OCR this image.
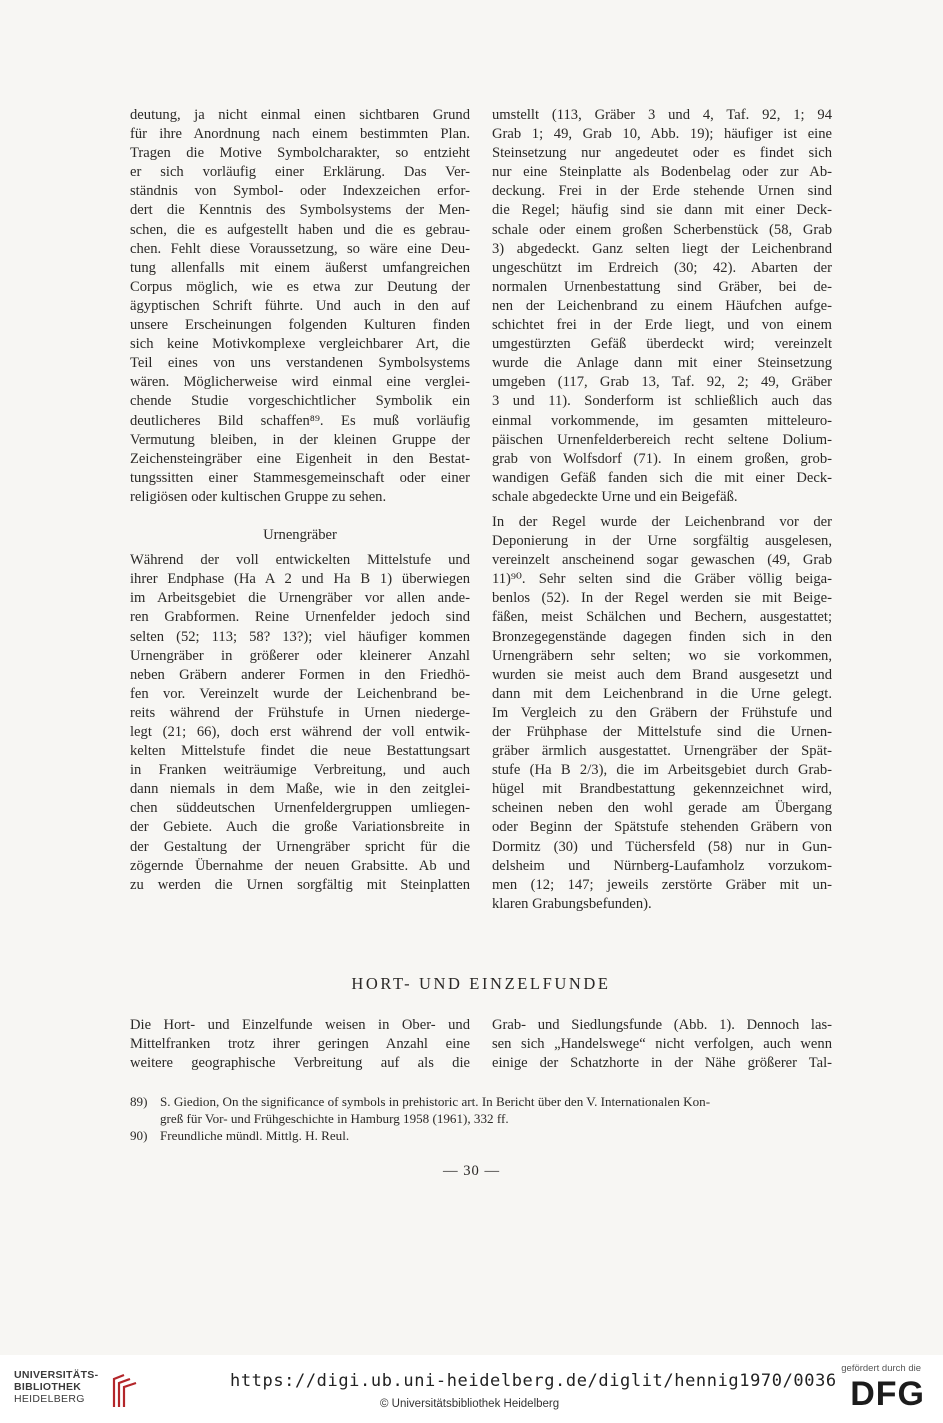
deutung, ja nicht einmal einen sichtbaren Grund
für ihre Anordnung nach einem bestimmten Plan.
Tragen die Motive Symbolcharakter, so entzieht
er sich vorläufig einer Erklärung. Das Ver-
ständnis von Symbol- oder Indexzeichen erfor-
dert die Kenntnis des Symbolsystems der Men-
schen, die es aufgestellt haben und die es gebrau-
chen. Fehlt diese Voraussetzung, so wäre eine Deu-
tung allenfalls mit einem äußerst umfangreichen
Corpus möglich, wie es etwa zur Deutung der
ägyptischen Schrift führte. Und auch in den auf
unsere Erscheinungen folgenden Kulturen finden
sich keine Motivkomplexe vergleichbarer Art, die
Teil eines von uns verstandenen Symbolsystems
wären. Möglicherweise wird einmal eine verglei-
chende Studie vorgeschichtlicher Symbolik ein
deutlicheres Bild schaffen⁸⁹. Es muß vorläufig
Vermutung bleiben, in der kleinen Gruppe der
Zeichensteingräber eine Eigenheit in den Bestat-
tungssitten einer Stammesgemeinschaft oder einer
religiösen oder kultischen Gruppe zu sehen.
Urnengräber
Während der voll entwickelten Mittelstufe und
ihrer Endphase (Ha A 2 und Ha B 1) überwiegen
im Arbeitsgebiet die Urnengräber vor allen ande-
ren Grabformen. Reine Urnenfelder jedoch sind
selten (52; 113; 58? 13?); viel häufiger kommen
Urnengräber in größerer oder kleinerer Anzahl
neben Gräbern anderer Formen in den Friedhö-
fen vor. Vereinzelt wurde der Leichenbrand be-
reits während der Frühstufe in Urnen niederge-
legt (21; 66), doch erst während der voll entwik-
kelten Mittelstufe findet die neue Bestattungsart
in Franken weiträumige Verbreitung, und auch
dann niemals in dem Maße, wie in den zeitglei-
chen süddeutschen Urnenfeldergruppen umliegen-
der Gebiete. Auch die große Variationsbreite in
der Gestaltung der Urnengräber spricht für die
zögernde Übernahme der neuen Grabsitte. Ab und
zu werden die Urnen sorgfältig mit Steinplatten
umstellt (113, Gräber 3 und 4, Taf. 92, 1; 94
Grab 1; 49, Grab 10, Abb. 19); häufiger ist eine
Steinsetzung nur angedeutet oder es findet sich
nur eine Steinplatte als Bodenbelag oder zur Ab-
deckung. Frei in der Erde stehende Urnen sind
die Regel; häufig sind sie dann mit einer Deck-
schale oder einem großen Scherbenstück (58, Grab
3) abgedeckt. Ganz selten liegt der Leichenbrand
ungeschützt im Erdreich (30; 42). Abarten der
normalen Urnenbestattung sind Gräber, bei de-
nen der Leichenbrand zu einem Häufchen aufge-
schichtet frei in der Erde liegt, und von einem
umgestürzten Gefäß überdeckt wird; vereinzelt
wurde die Anlage dann mit einer Steinsetzung
umgeben (117, Grab 13, Taf. 92, 2; 49, Gräber
3 und 11). Sonderform ist schließlich auch das
einmal vorkommende, im gesamten mitteleuro-
päischen Urnenfelderbereich recht seltene Dolium-
grab von Wolfsdorf (71). In einem großen, grob-
wandigen Gefäß fanden sich die mit einer Deck-
schale abgedeckte Urne und ein Beigefäß.
In der Regel wurde der Leichenbrand vor der
Deponierung in der Urne sorgfältig ausgelesen,
vereinzelt anscheinend sogar gewaschen (49, Grab
11)⁹⁰. Sehr selten sind die Gräber völlig beiga-
benlos (52). In der Regel werden sie mit Beige-
fäßen, meist Schälchen und Bechern, ausgestattet;
Bronzegegenstände dagegen finden sich in den
Urnengräbern sehr selten; wo sie vorkommen,
wurden sie meist auch dem Brand ausgesetzt und
dann mit dem Leichenbrand in die Urne gelegt.
Im Vergleich zu den Gräbern der Frühstufe und
der Frühphase der Mittelstufe sind die Urnen-
gräber ärmlich ausgestattet. Urnengräber der Spät-
stufe (Ha B 2/3), die im Arbeitsgebiet durch Grab-
hügel mit Brandbestattung gekennzeichnet wird,
scheinen neben den wohl gerade am Übergang
oder Beginn der Spätstufe stehenden Gräbern von
Dormitz (30) und Tüchersfeld (58) nur in Gun-
delsheim und Nürnberg-Laufamholz vorzukom-
men (12; 147; jeweils zerstörte Gräber mit un-
klaren Grabungsbefunden).
HORT- UND EINZELFUNDE
Die Hort- und Einzelfunde weisen in Ober- und
Mittelfranken trotz ihrer geringen Anzahl eine
weitere geographische Verbreitung auf als die
Grab- und Siedlungsfunde (Abb. 1). Dennoch las-
sen sich „Handelswege“ nicht verfolgen, auch wenn
einige der Schatzhorte in der Nähe größerer Tal-
89) S. Giedion, On the significance of symbols in prehistoric art. In Bericht über den V. Internationalen Kon-
greß für Vor- und Frühgeschichte in Hamburg 1958 (1961), 332 ff.
90) Freundliche mündl. Mittlg. H. Reul.
— 30 —
UNIVERSITÄTS-
BIBLIOTHEK
HEIDELBERG
https://digi.ub.uni-heidelberg.de/diglit/hennig1970/0036
© Universitätsbibliothek Heidelberg
gefördert durch die
DFG
